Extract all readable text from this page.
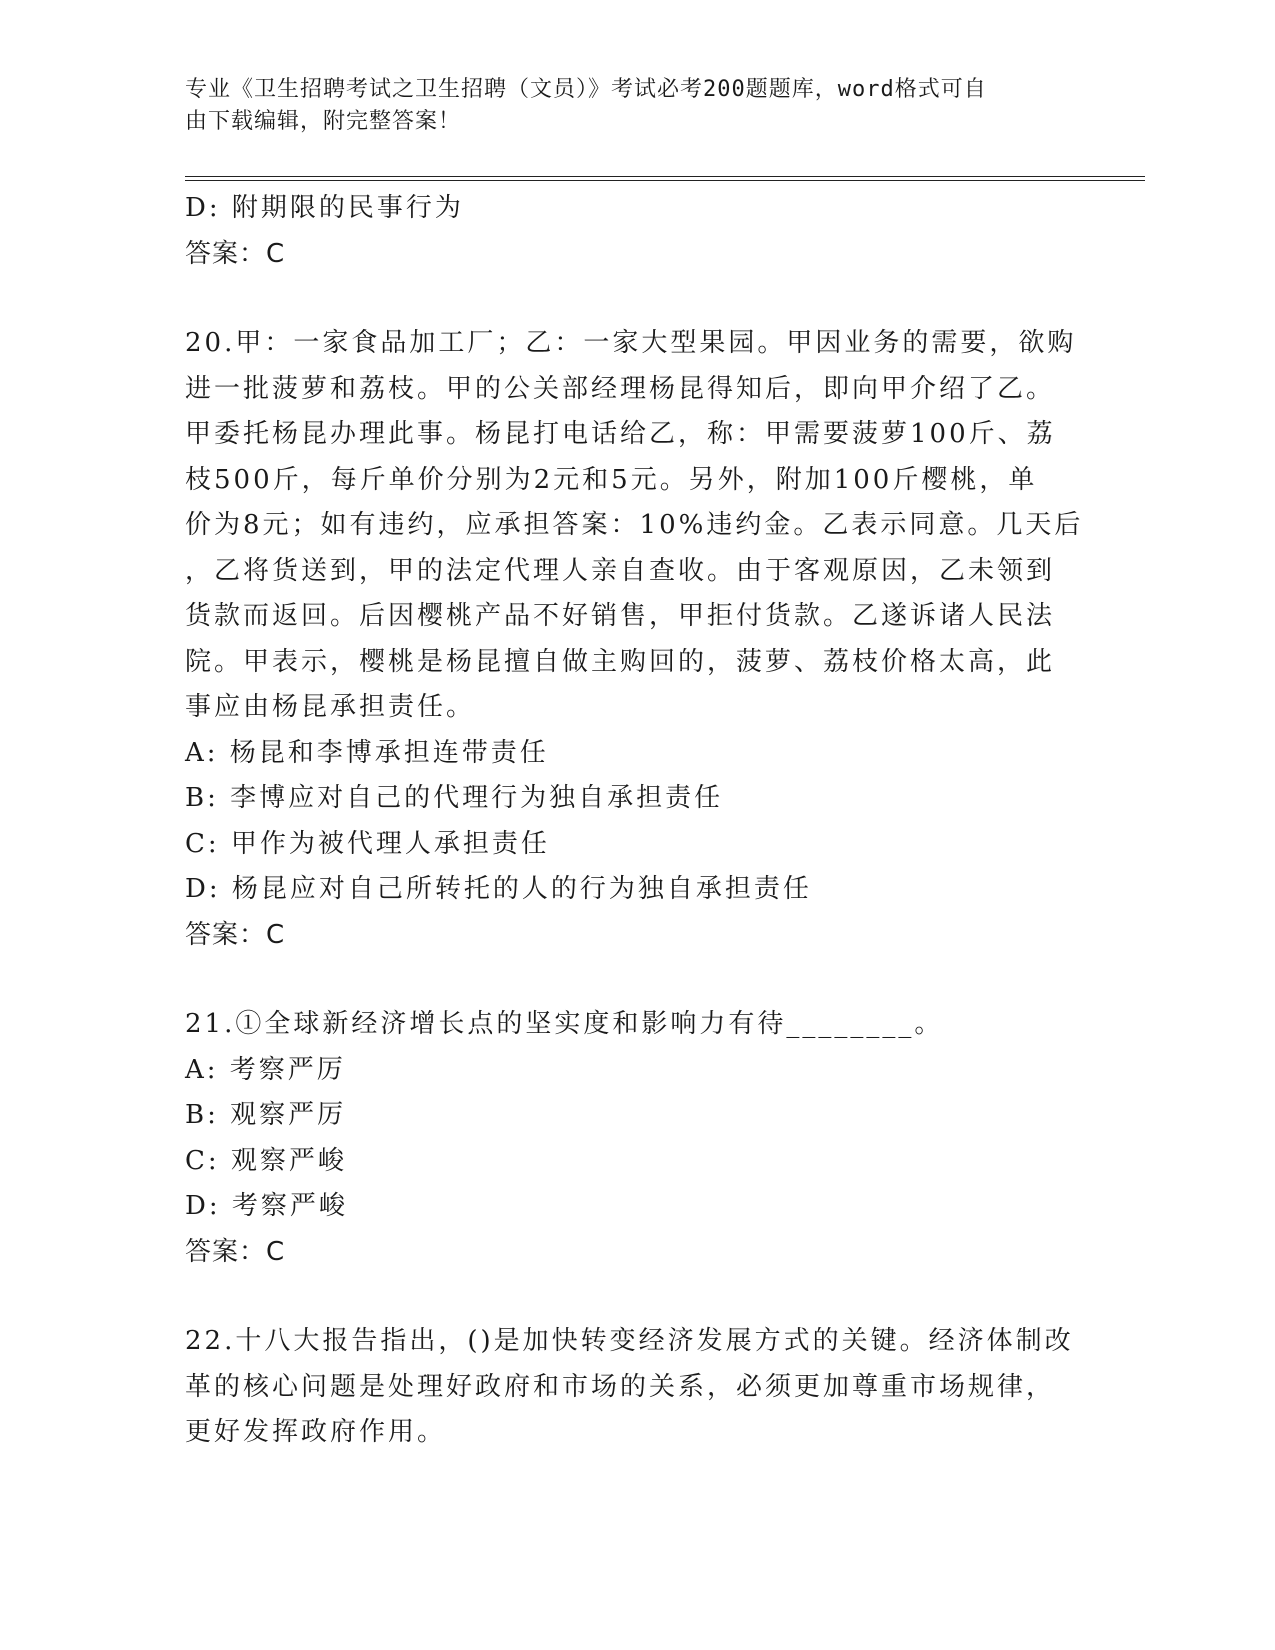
专业《卫生招聘考试之卫生招聘（文员）》考试必考200题题库，word格式可自
由下载编辑，附完整答案！
D: 附期限的民事行为
答案：C
20.甲：一家食品加工厂；乙：一家大型果园。甲因业务的需要，欲购
进一批菠萝和荔枝。甲的公关部经理杨昆得知后，即向甲介绍了乙。
甲委托杨昆办理此事。杨昆打电话给乙，称：甲需要菠萝100斤、荔
枝500斤，每斤单价分别为2元和5元。另外，附加100斤樱桃，单
价为8元；如有违约，应承担答案：10%违约金。乙表示同意。几天后
，乙将货送到，甲的法定代理人亲自查收。由于客观原因，乙未领到
货款而返回。后因樱桃产品不好销售，甲拒付货款。乙遂诉诸人民法
院。甲表示，樱桃是杨昆擅自做主购回的，菠萝、荔枝价格太高，此
事应由杨昆承担责任。
A: 杨昆和李博承担连带责任
B: 李博应对自己的代理行为独自承担责任
C: 甲作为被代理人承担责任
D: 杨昆应对自己所转托的人的行为独自承担责任
答案：C
21.①全球新经济增长点的坚实度和影响力有待________。
A: 考察严厉
B: 观察严厉
C: 观察严峻
D: 考察严峻
答案：C
22.十八大报告指出，()是加快转变经济发展方式的关键。经济体制改
革的核心问题是处理好政府和市场的关系，必须更加尊重市场规律，
更好发挥政府作用。
